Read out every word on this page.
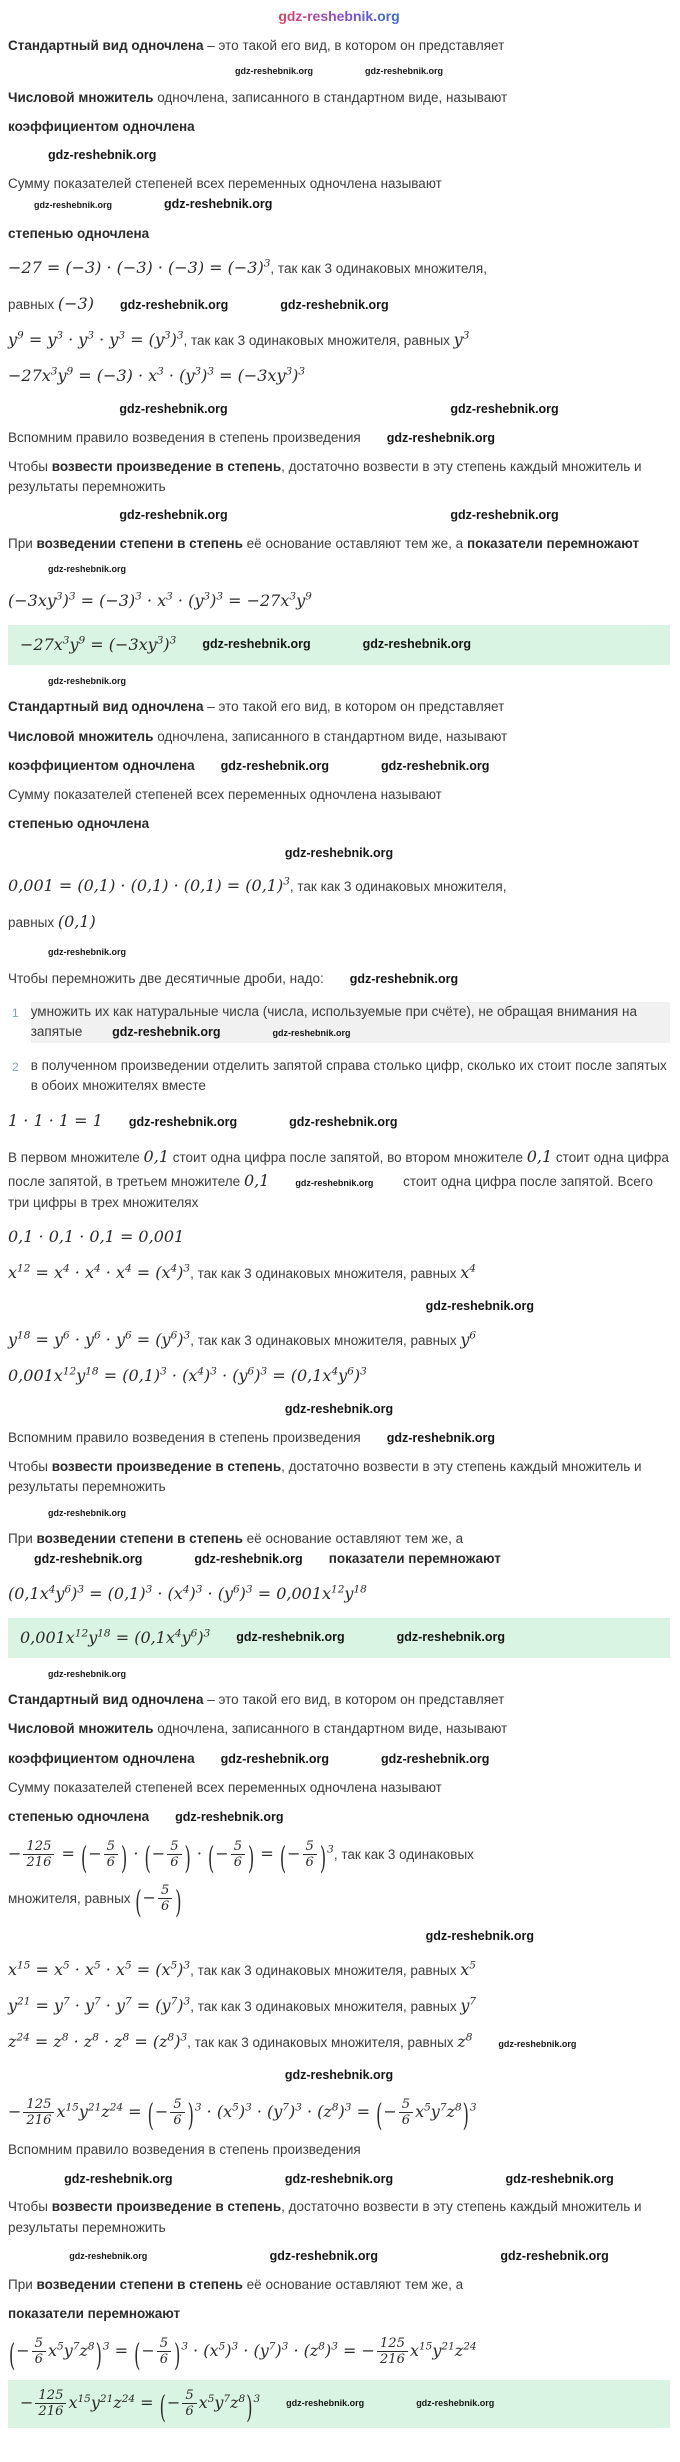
gdz-reshebnik.org
Стандартный вид одночлена – это такой его вид, в котором он представляет
gdz-reshebnik.org	gdz-reshebnik.org
Числовой множитель одночлена, записанного в стандартном виде, называют
коэффициентом одночлена
gdz-reshebnik.org
Сумму показателей степеней всех переменных одночлена называют gdz-reshebnik.org	gdz-reshebnik.org
степенью одночлена
$-27 = (-3) \cdot (-3) \cdot (-3) = (-3)^3$, так как 3 одинаковых множителя,
равных (−3) gdz-reshebnik.org	gdz-reshebnik.org
$y^9 = y^3 \cdot y^3 \cdot y^3 = (y^3)^3$, так как 3 одинаковых множителя, равных $y^3$
$-27x^3y^9 = (-3) \cdot x^3 \cdot (y^3)^3 = (-3xy^3)^3$
gdz-reshebnik.org	gdz-reshebnik.org
Вспомним правило возведения в степень произведения gdz-reshebnik.org
Чтобы возвести произведение в степень, достаточно возвести в эту степень каждый множитель и результаты перемножить
gdz-reshebnik.org	gdz-reshebnik.org
При возведении степени в степень её основание оставляют тем же, а показатели перемножают
gdz-reshebnik.org
$(-3xy^3)^3 = (-3)^3 \cdot x^3 \cdot (y^3)^3 = -27x^3y^9$
$-27x^3y^9 = (-3xy^3)^3$ gdz-reshebnik.org	gdz-reshebnik.org
gdz-reshebnik.org
Стандартный вид одночлена – это такой его вид, в котором он представляет
Числовой множитель одночлена, записанного в стандартном виде, называют
коэффициентом одночлена gdz-reshebnik.org	gdz-reshebnik.org
Сумму показателей степеней всех переменных одночлена называют
степенью одночлена
gdz-reshebnik.org
$0,001 = (0,1) \cdot (0,1) \cdot (0,1) = (0,1)^3$, так как 3 одинаковых множителя,
равных (0,1)
gdz-reshebnik.org
Чтобы перемножить две десятичные дроби, надо: gdz-reshebnik.org
1 умножить их как натуральные числа (числа, используемые при счёте), не обращая внимания на запятые gdz-reshebnik.org	gdz-reshebnik.org
2 в полученном произведении отделить запятой справа столько цифр, сколько их стоит после запятых в обоих множителях вместе
1 · 1 · 1 = 1 gdz-reshebnik.org	gdz-reshebnik.org
В первом множителе 0,1 стоит одна цифра после запятой, во втором множителе 0,1 стоит одна цифра после запятой, в третьем множителе 0,1	gdz-reshebnik.org стоит одна цифра после запятой. Всего три цифры в трех множителях
0,1 · 0,1 · 0,1 = 0,001
$x^{12} = x^4 \cdot x^4 \cdot x^4 = (x^4)^3$, так как 3 одинаковых множителя, равных $x^4$
gdz-reshebnik.org
$y^{18} = y^6 \cdot y^6 \cdot y^6 = (y^6)^3$, так как 3 одинаковых множителя, равных $y^6$
$0,001x^{12}y^{18} = (0,1)^3 \cdot (x^4)^3 \cdot (y^6)^3 = (0,1x^4y^6)^3$
gdz-reshebnik.org
Вспомним правило возведения в степень произведения gdz-reshebnik.org
Чтобы возвести произведение в степень, достаточно возвести в эту степень каждый множитель и результаты перемножить
gdz-reshebnik.org
При возведении степени в степень её основание оставляют тем же, а gdz-reshebnik.org	gdz-reshebnik.org показатели перемножают
$(0,1x^4y^6)^3 = (0,1)^3 \cdot (x^4)^3 \cdot (y^6)^3 = 0,001x^{12}y^{18}$
$0,001x^{12}y^{18} = (0,1x^4y^6)^3$ gdz-reshebnik.org	gdz-reshebnik.org
gdz-reshebnik.org
Стандартный вид одночлена – это такой его вид, в котором он представляет
Числовой множитель одночлена, записанного в стандартном виде, называют
коэффициентом одночлена gdz-reshebnik.org	gdz-reshebnik.org
Сумму показателей степеней всех переменных одночлена называют
степенью одночлена gdz-reshebnik.org
− $\frac{125}{216}$ = (− $\frac{5}{6}$ ) · (− $\frac{5}{6}$ ) · (− $\frac{5}{6}$ ) = (− $\frac{5}{6} )^3$, так как 3 одинаковых
множителя, равных (− $\frac{5}{6}$ )
gdz-reshebnik.org
$x^{15} = x^5 \cdot x^5 \cdot x^5 = (x^5)^3$, так как 3 одинаковых множителя, равных $x^5$
$y^{21} = y^7 \cdot y^7 \cdot y^7 = (y^7)^3$, так как 3 одинаковых множителя, равных $y^7$
$z^{24} = z^8 \cdot z^8 \cdot z^8 = (z^8)^3$, так как 3 одинаковых множителя, равных $z^8gdz-reshebnik.org$
gdz-reshebnik.org
− $\frac{125}{216} x^{15}y^{21}z^{24}$ = (− $\frac{5}{6} )^3 \cdot (x^5)^3 \cdot (y^7)^3 \cdot (z^8)^3$ = (− $\frac{5}{6} x^5y^7z^8)^3$
Вспомним правило возведения в степень произведения
gdz-reshebnik.org	gdz-reshebnik.org	gdz-reshebnik.org
Чтобы возвести произведение в степень, достаточно возвести в эту степень каждый множитель и результаты перемножить
gdz-reshebnik.org	gdz-reshebnik.org	gdz-reshebnik.org
При возведении степени в степень её основание оставляют тем же, а
показатели перемножают
(− $\frac{5}{6} x^5y^7z^8)^3$ = (− $\frac{5}{6} )^3 \cdot (x^5)^3 \cdot (y^7)^3 \cdot (z^8)^3$ = − $\frac{125}{216} x^{15}y^{21}z^{24}$
− $\frac{125}{216} x^{15}y^{21}z^{24}$ = (− $\frac{5}{6} x^5y^7z^8)^3$	gdz-reshebnik.org	gdz-reshebnik.org
